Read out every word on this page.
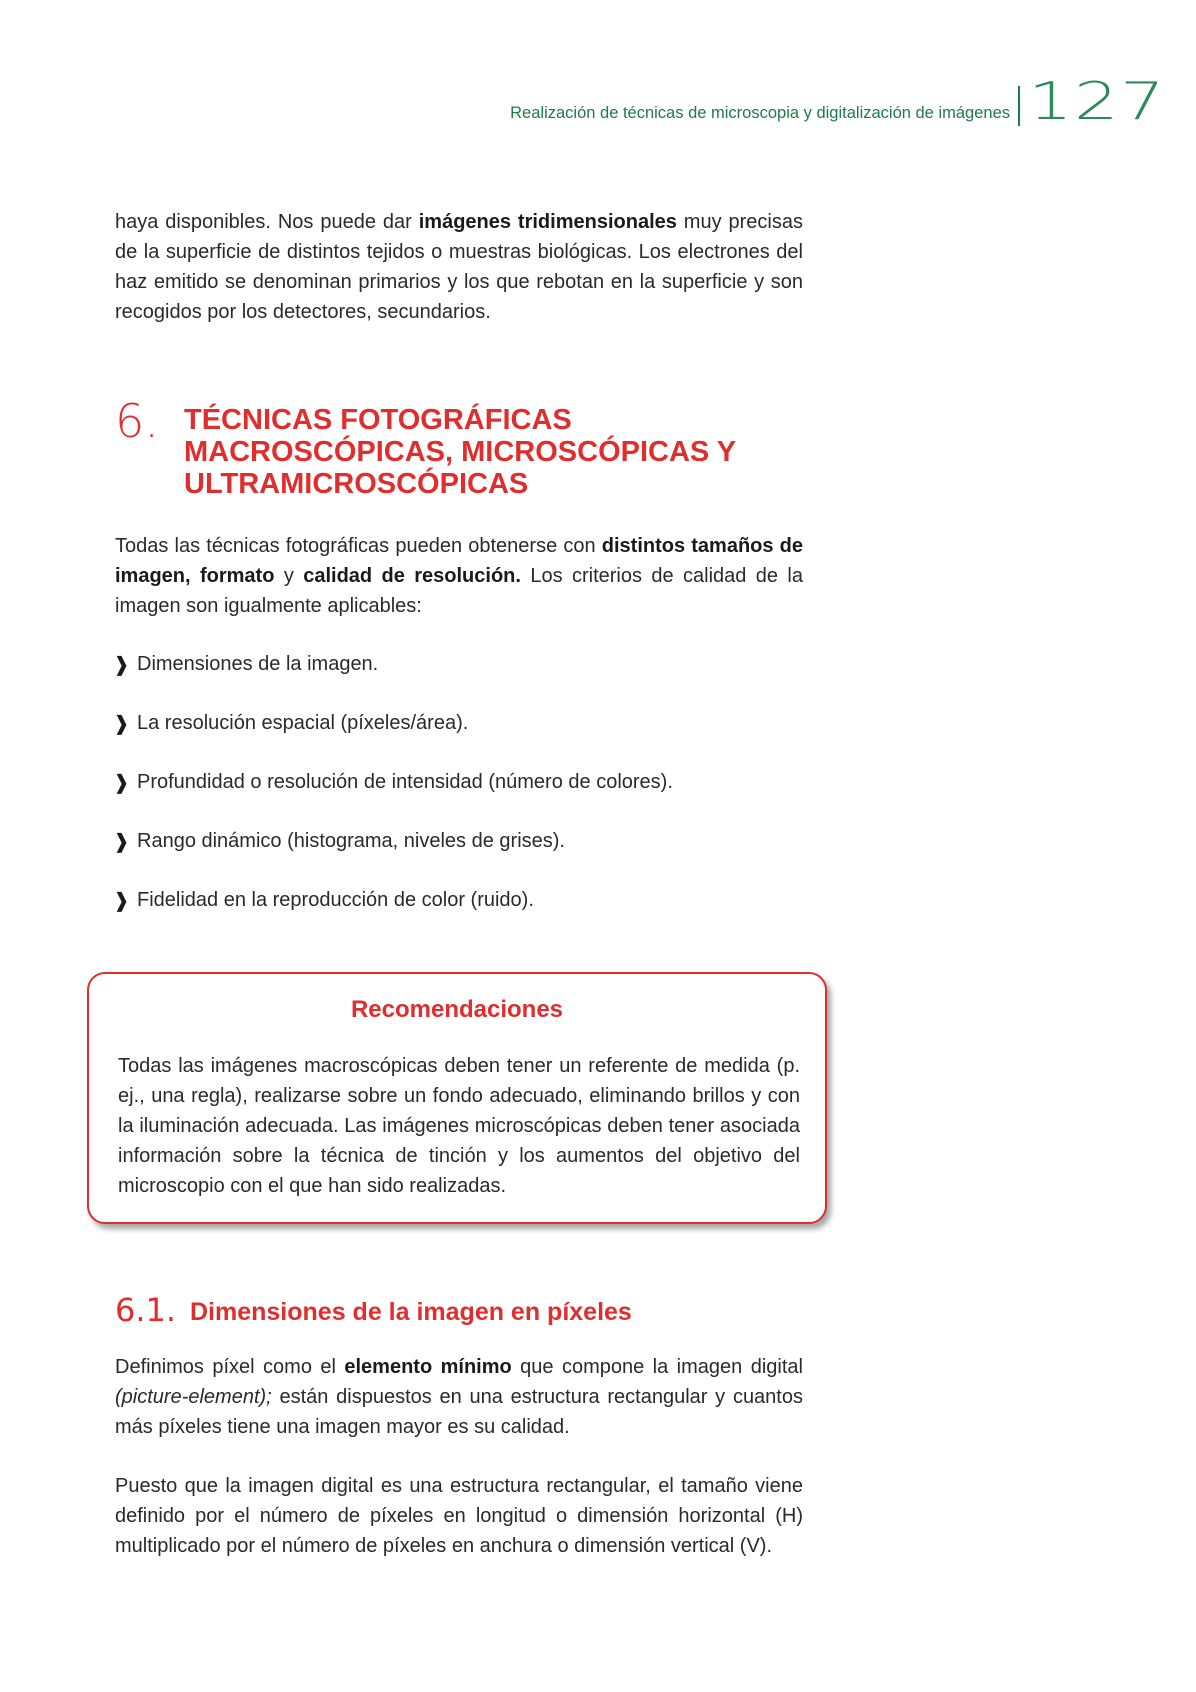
Realización de técnicas de microscopia y digitalización de imágenes 127

haya disponibles. Nos puede dar imágenes tridimensionales muy precisas de la superficie de distintos tejidos o muestras biológicas. Los electrones del haz emitido se denominan primarios y los que rebotan en la superficie y son recogidos por los detectores, secundarios.

6. TÉCNICAS FOTOGRÁFICAS MACROSCÓPICAS, MICROSCÓPICAS Y ULTRAMICROSCÓPICAS

Todas las técnicas fotográficas pueden obtenerse con distintos tamaños de imagen, formato y calidad de resolución. Los criterios de calidad de la imagen son igualmente aplicables:

❱ Dimensiones de la imagen.
❱ La resolución espacial (píxeles/área).
❱ Profundidad o resolución de intensidad (número de colores).
❱ Rango dinámico (histograma, niveles de grises).
❱ Fidelidad en la reproducción de color (ruido).
Recomendaciones

Todas las imágenes macroscópicas deben tener un referente de medida (p. ej., una regla), realizarse sobre un fondo adecuado, eliminando brillos y con la iluminación adecuada. Las imágenes microscópicas deben tener asociada información sobre la técnica de tinción y los aumentos del objetivo del microscopio con el que han sido realizadas.

6.1. Dimensiones de la imagen en píxeles

Definimos píxel como el elemento mínimo que compone la imagen digital (picture-element); están dispuestos en una estructura rectangular y cuantos más píxeles tiene una imagen mayor es su calidad.

Puesto que la imagen digital es una estructura rectangular, el tamaño viene definido por el número de píxeles en longitud o dimensión horizontal (H) multiplicado por el número de píxeles en anchura o dimensión vertical (V).
